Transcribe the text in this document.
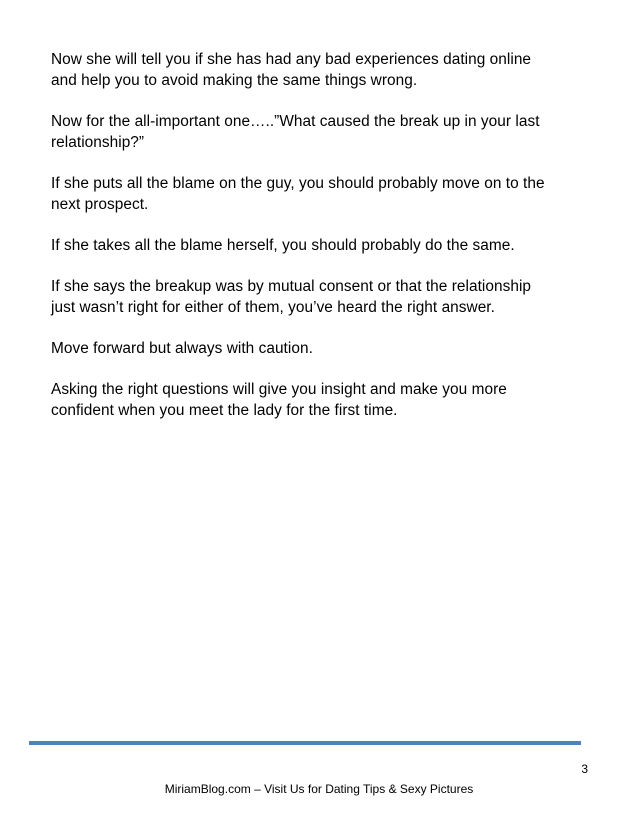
Now she will tell you if she has had any bad experiences dating online
and help you to avoid making the same things wrong.

Now for the all-important one…..”What caused the break up in your last
relationship?”

If she puts all the blame on the guy, you should probably move on to the
next prospect.

If she takes all the blame herself, you should probably do the same.

If she says the breakup was by mutual consent or that the relationship
just wasn’t right for either of them, you’ve heard the right answer.

Move forward but always with caution.

Asking the right questions will give you insight and make you more
confident when you meet the lady for the first time.

3
MiriamBlog.com – Visit Us for Dating Tips & Sexy Pictures
